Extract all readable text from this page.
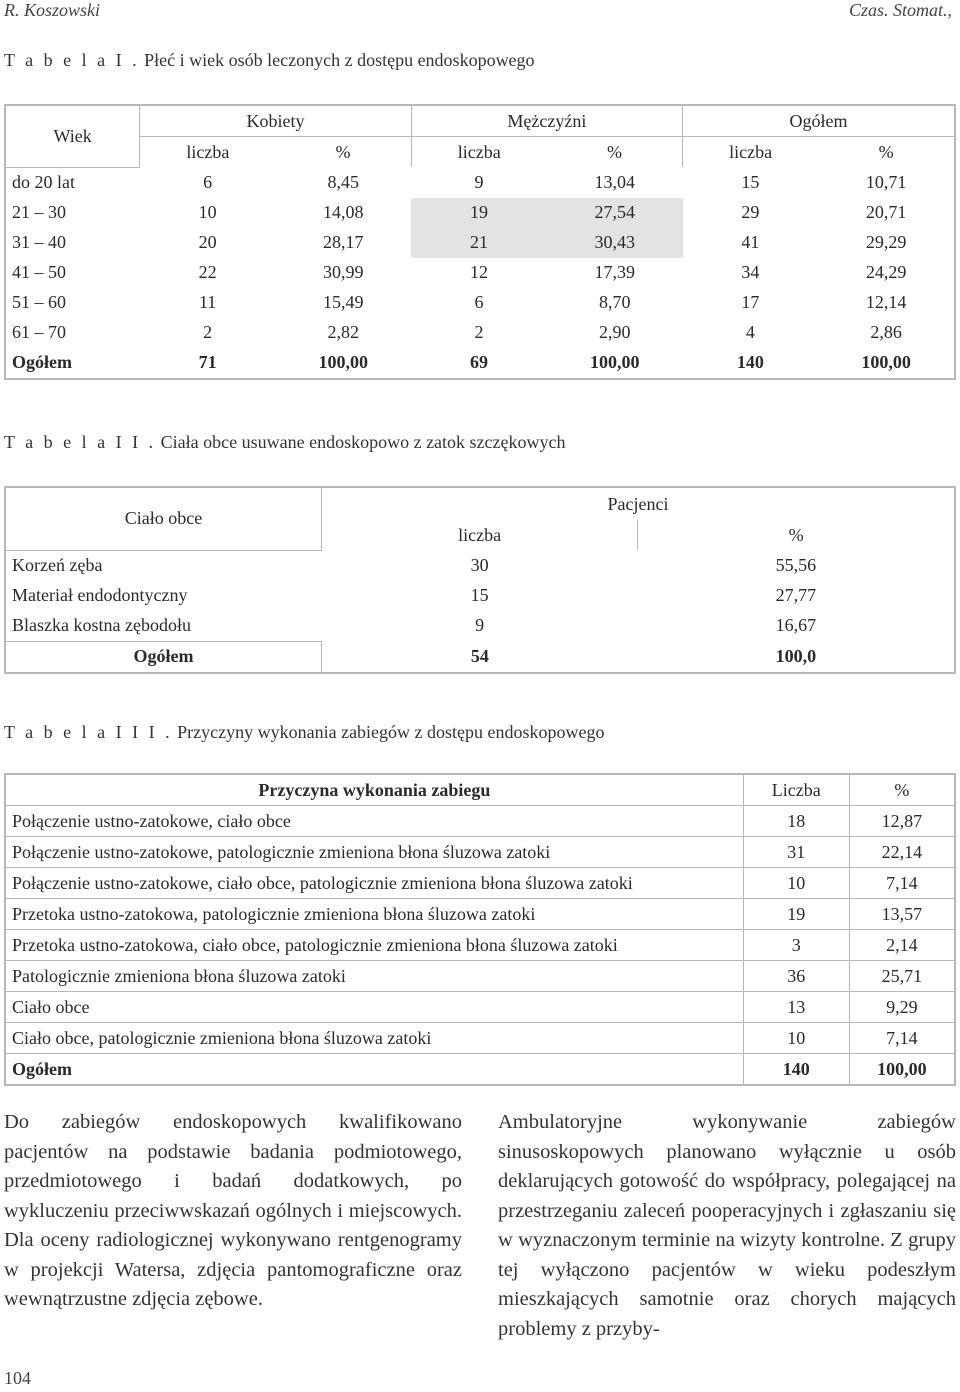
R. Koszowski	Czas. Stomat.,
T a b e l a I . Płeć i wiek osób leczonych z dostępu endoskopowego
Wiek	Kobiety		Mężczyźni		Ogółem	
	liczba	%	liczba	%	liczba	%
do 20 lat	6	8,45	9	13,04	15	10,71
21 – 30	10	14,08	19	27,54	29	20,71
31 – 40	20	28,17	21	30,43	41	29,29
41 – 50	22	30,99	12	17,39	34	24,29
51 – 60	11	15,49	6	8,70	17	12,14
61 – 70	2	2,82	2	2,90	4	2,86
Ogółem	71	100,00	69	100,00	140	100,00
T a b e l a I I . Ciała obce usuwane endoskopowo z zatok szczękowych
Ciało obce	Pacjenci	
	liczba	%
Korzeń zęba	30	55,56
Materiał endodontyczny	15	27,77
Blaszka kostna zębodołu	9	16,67
Ogółem	54	100,0
T a b e l a I I I . Przyczyny wykonania zabiegów z dostępu endoskopowego
Przyczyna wykonania zabiegu	Liczba	%
Połączenie ustno-zatokowe, ciało obce	18	12,87
Połączenie ustno-zatokowe, patologicznie zmieniona błona śluzowa zatoki	31	22,14
Połączenie ustno-zatokowe, ciało obce, patologicznie zmieniona błona śluzowa zatoki	10	7,14
Przetoka ustno-zatokowa, patologicznie zmieniona błona śluzowa zatoki	19	13,57
Przetoka ustno-zatokowa, ciało obce, patologicznie zmieniona błona śluzowa zatoki	3	2,14
Patologicznie zmieniona błona śluzowa zatoki	36	25,71
Ciało obce	13	9,29
Ciało obce, patologicznie zmieniona błona śluzowa zatoki	10	7,14
Ogółem	140	100,00
Do zabiegów endoskopowych kwalifikowano pacjentów na podstawie badania podmiotowego, przedmiotowego i badań dodatkowych, po wykluczeniu przeciwwskazań ogólnych i miejscowych. Dla oceny radiologicznej wykonywano rentgenogramy w projekcji Watersa, zdjęcia pantomograficzne oraz wewnątrzustne zdjęcia zębowe.
Ambulatoryjne wykonywanie zabiegów sinusoskopowych planowano wyłącznie u osób deklarujących gotowość do współpracy, polegającej na przestrzeganiu zaleceń pooperacyjnych i zgłaszaniu się w wyznaczonym terminie na wizyty kontrolne. Z grupy tej wyłączono pacjentów w wieku podeszłym mieszkających samotnie oraz chorych mających problemy z przyby-
104
